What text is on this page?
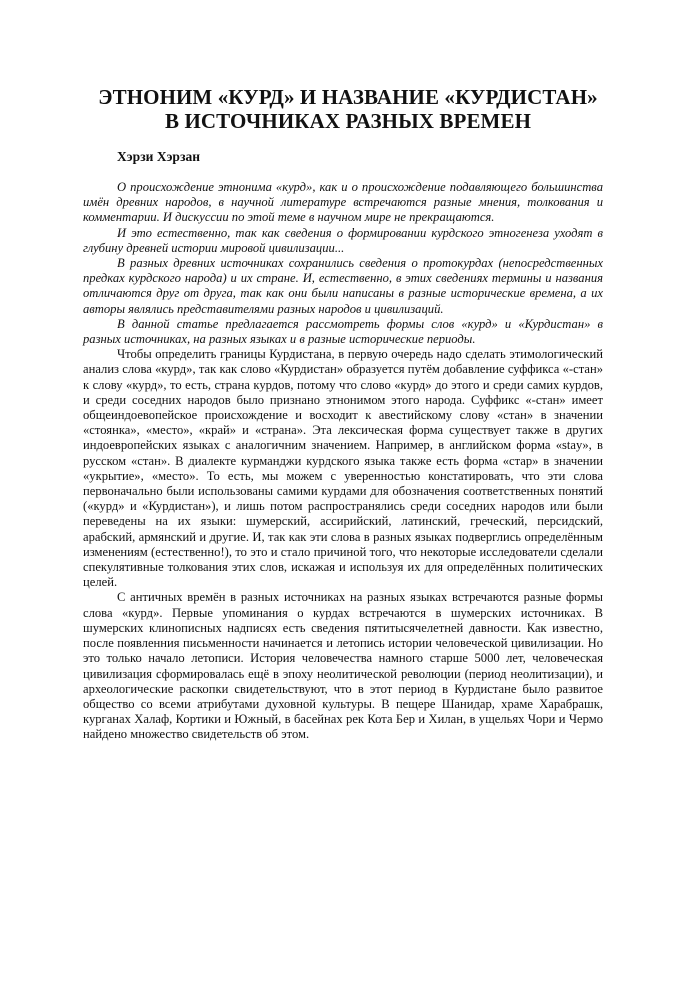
ЭТНОНИМ «КУРД» И НАЗВАНИЕ «КУРДИСТАН»
В ИСТОЧНИКАХ РАЗНЫХ ВРЕМЕН

Хэрзи Хэрзан

О происхождение этнонима «курд», как и о происхождение подавляющего большинства имён древних народов, в научной литературе встречаются разные мнения, толкования и комментарии. И дискуссии по этой теме в научном мире не прекращаются.

И это естественно, так как сведения о формировании курдского этногенеза уходят в глубину древней истории мировой цивилизации...

В разных древних источниках сохранились сведения о протокурдах (непосредственных предках курдского народа) и их стране. И, естественно, в этих сведениях термины и названия отличаются друг от друга, так как они были написаны в разные исторические времена, а их авторы являлись представителями разных народов и цивилизаций.

В данной статье предлагается рассмотреть формы слов «курд» и «Курдистан» в разных источниках, на разных языках и в разные исторические периоды.

Чтобы определить границы Курдистана, в первую очередь надо сделать этимологический анализ слова «курд», так как слово «Курдистан» образуется путём добавление суффикса «-стан» к слову «курд», то есть, страна курдов, потому что слово «курд» до этого и среди самих курдов, и среди соседних народов было признано этнонимом этого народа. Суффикс «-стан» имеет общеиндоевопейское происхождение и восходит к авестийскому слову «стан» в значении «стоянка», «место», «край» и «страна». Эта лексическая форма существует также в других индоевропейских языках с аналогичним значением. Например, в английском форма «stay», в русском «стан». В диалекте курманджи курдского языка также есть форма «стар» в значении «укрытие», «место». То есть, мы можем с уверенностью констатировать, что эти слова первоначально были использованы самими курдами для обозначения соответственных понятий («курд» и «Курдистан»), и лишь потом распространялись среди соседних народов или были переведены на их языки: шумерский, ассирийский, латинский, греческий, персидский, арабский, армянский и другие. И, так как эти слова в разных языках подверглись определённым изменениям (естественно!), то это и стало причиной того, что некоторые исследователи сделали спекулятивные толкования этих слов, искажая и используя их для определённых политических целей.

С античных времён в разных источниках на разных языках встречаются разные формы слова «курд». Первые упоминания о курдах встречаются в шумерских источниках. В шумерских клинописных надписях есть сведения пятитысячелетней давности. Как известно, после появленния письменности начинается и летопись истории человеческой цивилизации. Но это только начало летописи. История человечества намного старше 5000 лет, человеческая цивилизация сформировалась ещё в эпоху неолитической революции (период неолитизации), и археологические раскопки свидетельствуют, что в этот период в Курдистане было развитое общество со всеми атрибутами духовной культуры. В пещере Шанидар, храме Харабрашк, курганах Халаф, Кортики и Южный, в басейнах рек Кота Бер и Хилан, в ущельях Чори и Чермо найдено множество свидетельств об этом.
